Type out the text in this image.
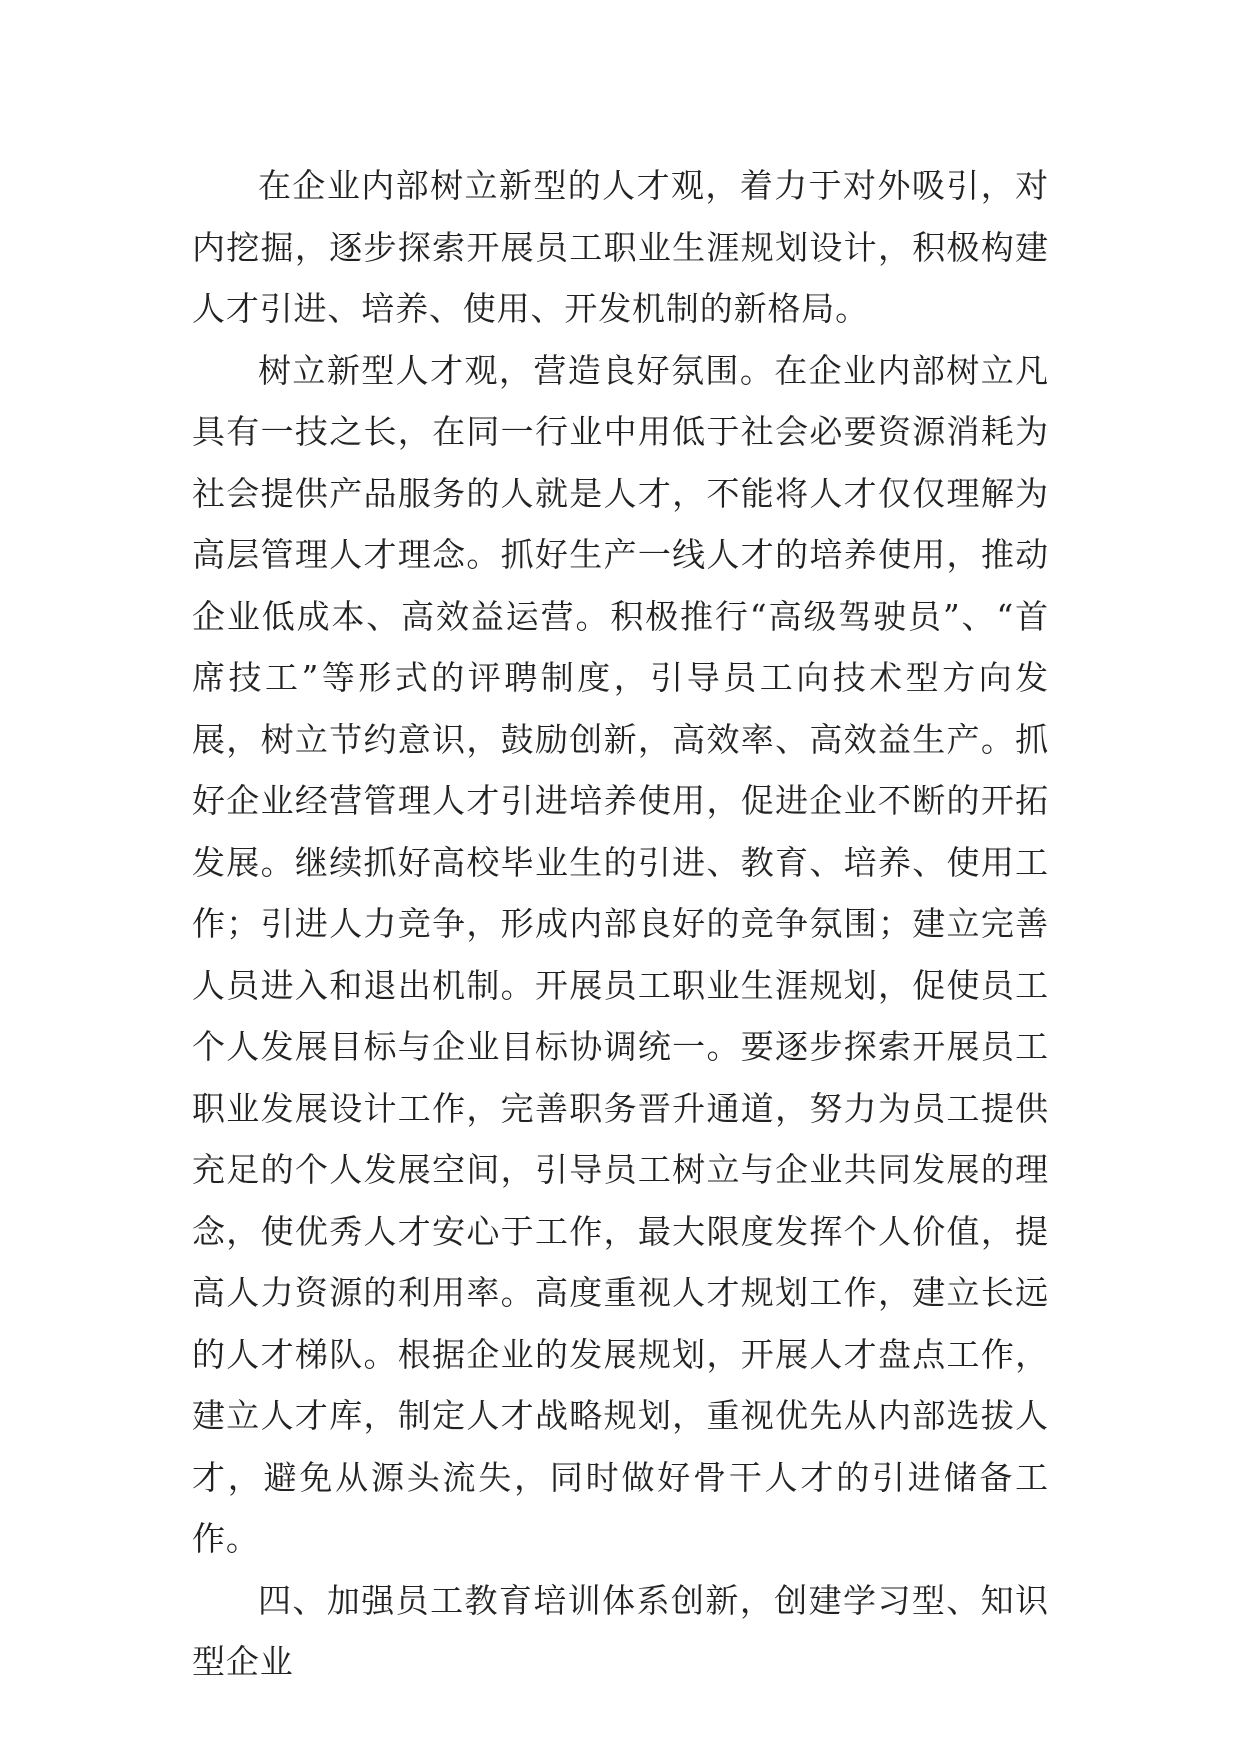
在企业内部树立新型的人才观，着力于对外吸引，对内挖掘，逐步探索开展员工职业生涯规划设计，积极构建人才引进、培养、使用、开发机制的新格局。

树立新型人才观，营造良好氛围。在企业内部树立凡具有一技之长，在同一行业中用低于社会必要资源消耗为社会提供产品服务的人就是人才，不能将人才仅仅理解为高层管理人才理念。抓好生产一线人才的培养使用，推动企业低成本、高效益运营。积极推行“高级驾驶员”、“首席技工”等形式的评聘制度，引导员工向技术型方向发展，树立节约意识，鼓励创新，高效率、高效益生产。抓好企业经营管理人才引进培养使用，促进企业不断的开拓发展。继续抓好高校毕业生的引进、教育、培养、使用工作；引进人力竞争，形成内部良好的竞争氛围；建立完善人员进入和退出机制。开展员工职业生涯规划，促使员工个人发展目标与企业目标协调统一。要逐步探索开展员工职业发展设计工作，完善职务晋升通道，努力为员工提供充足的个人发展空间，引导员工树立与企业共同发展的理念，使优秀人才安心于工作，最大限度发挥个人价值，提高人力资源的利用率。高度重视人才规划工作，建立长远的人才梯队。根据企业的发展规划，开展人才盘点工作，建立人才库，制定人才战略规划，重视优先从内部选拔人才，避免从源头流失，同时做好骨干人才的引进储备工作。

四、加强员工教育培训体系创新，创建学习型、知识型企业
